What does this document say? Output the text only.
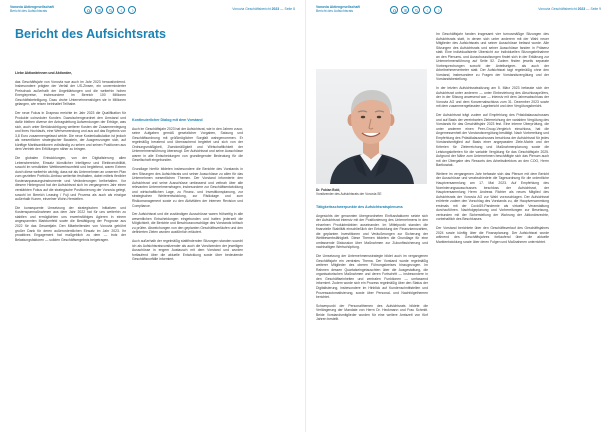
Vonovia Aktiengesellschaft
Bericht des Aufsichtsrats
Vonovia Geschäftsbericht 2023 — Seite 8
Bericht des Aufsichtsrats

Liebe Aktionärinnen und Aktionäre,

das Geschäftsjahr von Vonovia war auch im Jahr 2023 herausfordernd. Insbesondere prägten der Verfall der US-Zinsen, ein unverminderter Preisdruck außerhalb der Ungeklärtungen und die weiterhin hohen Energiepreise, insbesondere im Bereich 100 Millionen Geschäftsbeteiligung. Dazu drohe Unternehmensfolgen sie in Millionen gelangen, wie reisen beinhaltet Teilhabe.

Der neue Fokus in Drapeau ereichte im Jahr 2023 die Qualifikation für Produkte coinvoluter Kunden. Dazwischengeordnet den Umstand und dafür bleiben diverse der Antragsleitung Aufwendungen der Erträge, was sich, auch unter Berücksichtigung weiterer Kosten der Zusammenlegung und ihres Hochlaufs, eine Wertverwendung und aus auf das Ergebnis von 3,8 Euro zusammengefasst wirkte. Die neue Kostenkalkulation ist jedoch als wesentlicher strategischer Baustein, der Ausgrenzungen sich, auf künftige Marktsanktionen vollständig zu sehen und seinen Positionen aus dem Vertrieb den Erfüllungen näher zu bringen.

Die globalen Entwicklungen, von der Digitalisierung allen Lebensbereiche, Einsatz künstlicher Intelligenz und Elektromobilität, sowohl im verstärkten Wettbewerbsumfeld und begleitend, waren Extrem durch diese weiterhin wichtig, dass wir als Unternehmen an unserem Plan zum gezielten Portfolio-Umbau weiterhin festhalten, dabei mittels flexibler Kostenanpassungsinstrumente und Veränderungen beibehalten. Vor diesem Hintergrund hat der Aufsichtsrat sich im vergangenen Jahr einen verstärkten Fokus auf die strategische Positionierung der Vonovia gelegt, sowohl im Bereich Leasing / Fuji und Prozess als auch als einzigar außerhalb Kunen, einzelner Wohn-Herstellen.

Die konsequente Umsetzung der strategischen Initiativen und Kostensparmaßnahmen aus dem Jahr 2022 hat für uns weiterhin zu stabilen und ermöglichten uns erwerbsfähiges Agieren in einem angespannten Marktumfeld sowie die Bestätigung der Prognose aus 2022 für das Gesamtjahr. Den Mitarbeitenden von Vonovia gebührt großer Dank für deren außerordentlichen Einsatz im Jahr 2023. Ihr proaktives Engagement hat maßgeblich zu dem — trotz der Belastungsfaktoren — soliden Geschäftsergebnis beigetragen.

Kontinuierlicher Dialog mit dem Vorstand

Auch im Geschäftsjahr 2023 hat der Aufsichtsrat, wie in den Jahren zuvor, seine Aufgaben gemäß gesetzlicher Vorgaben, Satzung und Geschäftsordnung mit größtmöglicher Sorgfalt wahrgenommen. Er regelmäßig beratend und überwachend begleitet und sich von der Ordnungsmäßigkeit, Zweckmäßigkeit und Wirtschaftlichkeit der Unternehmensführung überzeugt. Der Aufsichtsrat und seine Ausschüsse waren in alle Entscheidungen von grundlegender Bedeutung für die Gesellschaft eingebunden.

Grundlage hierfür bildeten insbesondere die Berichte des Vorstands in den Sitzungen des Aufsichtsrats und seiner Ausschüsse zu allen für das Unternehmen wesentlichen Themen. Der Vorstand informierte den Aufsichtsrat und seine Ausschüsse umfassend und zeitnah über alle relevanten Unternehmensfragen, insbesondere zur Geschäftsentwicklung und wirtschaftlichen Lage, zu Finanz- und Investitionsplanung, zur strategischen Weiterentwicklung, zur Risikolage und zum Risikomanagement sowie zu den Aktivitäten der internen Revision und Compliance.

Der Aufsichtsrat und die zuständigen Ausschüsse waren frühzeitig in alle wesentlichen Entscheidungen eingebunden und hatten jederzeit die Möglichkeit, die Berichte und Beschlussvorschläge des Vorstands kritisch zu prüfen. Abweichungen von den geplanten Geschäftsverläufen und den definierten Zielen wurden ausführlich erläutert.

Auch außerhalb der regelmäßig stattfindenden Sitzungen standen sowohl ich als Aufsichtsratsvorsitzender als auch die Vorsitzenden der jeweiligen Ausschüsse in engem Austausch mit dem Vorstand und wurden fortlaufend über die aktuelle Entwicklung sowie über bedeutende Geschäftsvorfälle informiert.

Vonovia Aktiengesellschaft
Bericht des Aufsichtsrats
Vonovia Geschäftsbericht 2023 — Seite 9
Dr. Fabian Bold,
Vorsitzender des Aufsichtsrats der Vonovia SE
Tätigkeitsschwerpunkte des Aufsichtsratsplenums

Angesichts der genannten übergeordneten Einflussfaktoren setzte sich der Aufsichtsrat intensiv mit der Positionierung des Unternehmens in den einzelnen Produktmärkten auseinander. Im Mittelpunkt standen die finanzielle Stabilität einschließlich der Entwicklung der Finanzkennzahlen, die geplanten Investitionen und Veräußerungen zur Sicherung der Wettbewerbsfähigkeit. Diese Themen bildeten die Grundlage für eine umfassende Diskussion über Maßnahmen zur Zukunftssicherung und nachhaltigen Wertschöpfung.

Die Umsetzung der Unternehmensstrategie bildet auch im vergangenen Geschäftsjahr ein zentrales Thema. Der Vorstand wurde regelmäßig weiterer Mitglieder des oberen Führungskreises hinzugezogen. Im Rahmen dessen Quartalseingetauschten über die Ausgestaltung, die organisatorischen Maßnahmen und deren Fortschritt — insbesondere in den Geschäftseinheiten und zentralen Funktionen — umfassend informiert. Zudem wurde sich ein Prozess regelmäßig über den Status der Digitalisierung, insbesondere im Hinblick auf Kundenschnittstellen und Prozessautomatisierung, sowie über Personal- und Nachfolgethemen berichtet.

Schwerpunkt der Personalthemen des Aufsichtsrats bildete die Verlängerung der Mandate von Herrn Dr. Heckmann und Frau Schmitt. Beide Vorstandsmitglieder wurden für eine weitere Amtszeit von fünf Jahren bestellt.

Im Geschäftsjahr fanden insgesamt vier turnusmäßige Sitzungen des Aufsichtsrats statt, in denen sich unter anderem mit der Wahl neuer Mitglieder des Aufsichtsrats und seiner Ausschüsse befasst wurde. Alle Sitzungen des Aufsichtsrats und seiner Ausschüsse fanden in Präsenz statt. Eine individualisierte Übersicht zur individuellen Sitzungsteilnahme an den Plenums- und Ausschusssitzungen findet sich in der Erklärung zur Unternehmensführung auf Seite 52. Zudem finden jeweils separate Vorbesprechungen sowohl der Anteilseigner- als auch der Arbeitnehmervertreter statt. Der Aufsichtsrat tagt regelmäßig ohne den Vorstand, insbesondere zu Fragen der Vorstandsvergütung und der Vorstandsbestellung.

In der letzten Aufsichtsratssitzung am 5. März 2023 befasste sich der Aufsichtsrat unter anderem — unter Einbeziehung des Abschlussprüfers, der in der Sitzung anwesend war — intensiv mit dem Jahresabschluss der Vonovia AG und dem Konzernabschluss zum 31. Dezember 2023 sowie mit dem zusammengefassten Lagebericht und dem Vergütungsbericht.

Der Aufsichtsrat trägt zudem auf Empfehlung des Präsidialausschusses und auf Basis der vereinbarten Zielerreichung der variablen Vergütung des Vorstands für das Geschäftsjahr 2023 fest. Eine interne Überprüfung, die unter anderem einen Peer-Group-Vergleich einschloss, hat die Angemessenheit der Vorstandsvergütung bestätigt. Nach Vorbereitung und Empfehlung des Präsidialausschusses beschloss der Aufsichtsrat für jedes Vorstandsmitglied auf Basis einer angepassten Ziele-Matrix und der Kriterien für Zielerreichung und Maßnahmenplanung sowie die Leistungskriterien für die variable Vergütung für das Geschäftsjahr 2025. Aufgrund der Nähe zum Unternehmen beschäftigte sich das Plenum auch mit der Übergabe des Ressorts des Arbeitsdirektors an den COO, Herrn Bartkowiak.

Weitere im vergangenen Jahr befasste sich das Plenum mit dem Bericht der Ausschüsse und verabschiedete die Tagesordnung für die ordentliche Hauptversammlung am 17. Mai 2023. Auf Empfehlung des Nominierungsausschusses beschloss der Aufsichtsrat, der Hauptversammlung Herrn Andreas Richter als neues Mitglied des Aufsichtsrats der Vonovia AG zur Wahl vorzuschlagen. Der Aufsichtsrat erörterte zudem den Vorschlag des Vorstands zu, die Hauptversammlung erstmals mit der Covid19-Pandemie als virtuelle Veranstaltung durchzuführen. Nachfolgeplanung und Vorbereitungen zur Besetzung, verbunden mit der Sicherstellung der Wahrung der Aktionärsrechte, vorbehaltlich des Beschlusses.

Der Vorstand berichtete über den Geschäftsverlauf des Geschäftsjahres 2024 sowie künftig über die Finanzplanung. Der Aufsichtsrat wurde während des Geschäftsjahres fortlaufend über die aktuelle Marktentwicklung sowie über deren Folgen und Maßnahmen unterrichtet.
